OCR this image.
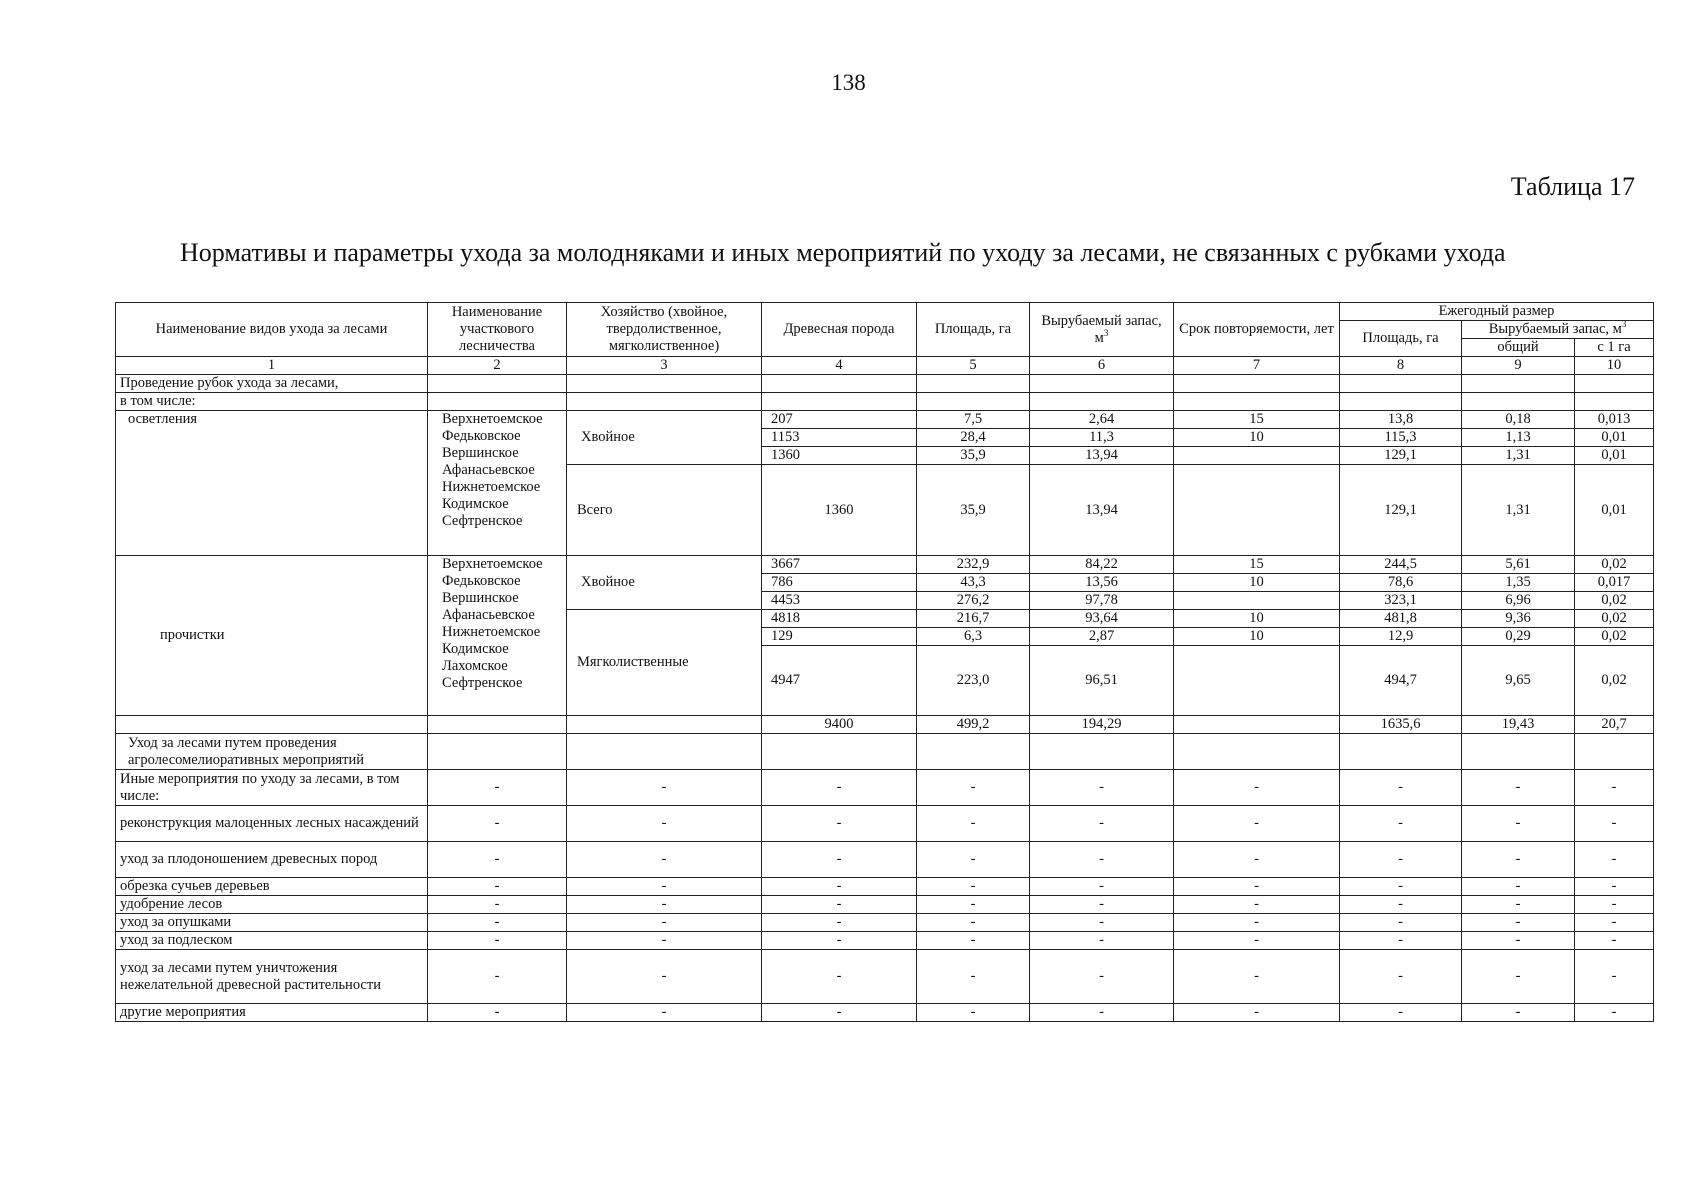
138
Таблица 17
Нормативы и параметры ухода за молодняками и иных мероприятий по уходу за лесами, не связанных с рубками ухода
Наименование видов ухода за лесами	Наименование участкового лесничества	Хозяйство (хвойное, твердолиственное, мягколиственное)	Древесная порода	Площадь, га	Вырубаемый запас, $м^3$	Срок повторяемости, лет	Ежегодный размер		
							Площадь, га	Вырубаемый запас, $м^3$
								общий	с 1 га
1	2	3	4	5	6	7	8	9	10
Проведение рубок ухода за лесами,									
в том числе:									
осветления	Верхнетоемское Федьковское Вершинское Афанасьевское Нижнетоемское Кодимское Сефтренское	Хвойное	207	7,5	2,64	15	13,8	0,18	0,013
			1153	28,4	11,3	10	115,3	1,13	0,01
			1360	35,9	13,94		129,1	1,31	0,01
		Всего	1360	35,9	13,94		129,1	1,31	0,01
прочистки	Верхнетоемское Федьковское Вершинское Афанасьевское Нижнетоемское Кодимское Лахомское Сефтренское	Хвойное	3667	232,9	84,22	15	244,5	5,61	0,02
			786	43,3	13,56	10	78,6	1,35	0,017
			4453	276,2	97,78		323,1	6,96	0,02
		Мягколиственные	4818	216,7	93,64	10	481,8	9,36	0,02
			129	6,3	2,87	10	12,9	0,29	0,02
			4947	223,0	96,51		494,7	9,65	0,02
			9400	499,2	194,29		1635,6	19,43	20,7
Уход за лесами путем проведения агролесомелиоративных мероприятий									
Иные мероприятия по уходу за лесами, в том числе:	-	-	-	-	-	-	-	-	-
реконструкция малоценных лесных насаждений	-	-	-	-	-	-	-	-	-
уход за плодоношением древесных пород	-	-	-	-	-	-	-	-	-
обрезка сучьев деревьев	-	-	-	-	-	-	-	-	-
удобрение лесов	-	-	-	-	-	-	-	-	-
уход за опушками	-	-	-	-	-	-	-	-	-
уход за подлеском	-	-	-	-	-	-	-	-	-
уход за лесами путем уничтожения нежелательной древесной растительности	-	-	-	-	-	-	-	-	-
другие мероприятия	-	-	-	-	-	-	-	-	-
